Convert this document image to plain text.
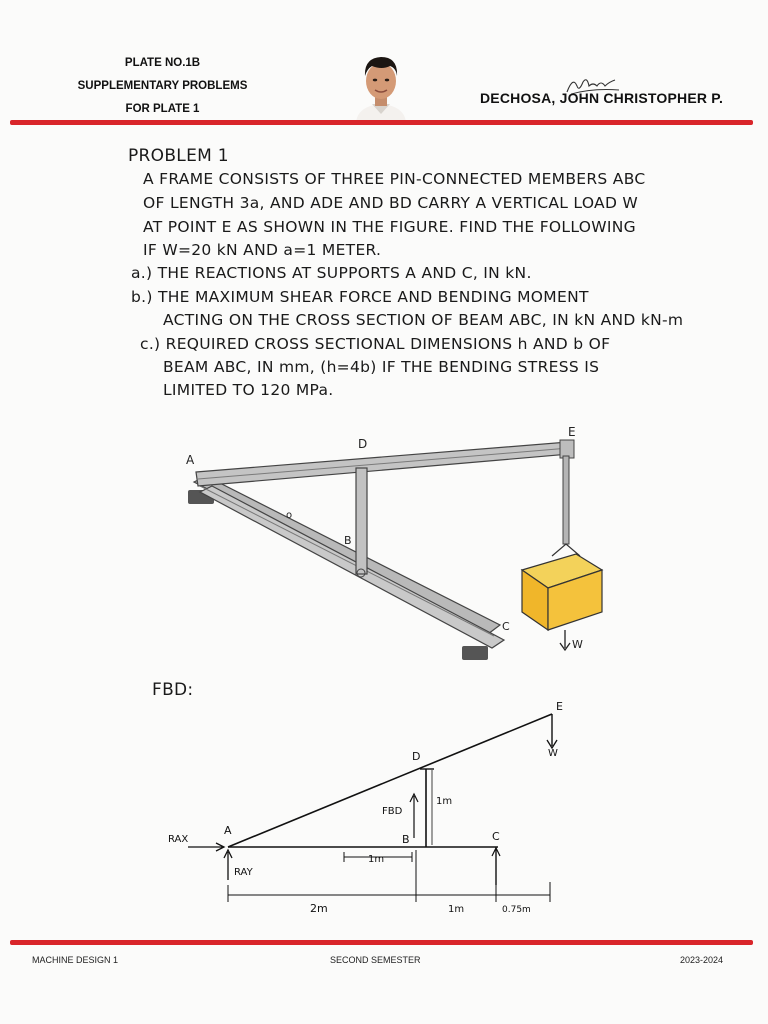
PLATE NO.1B
SUPPLEMENTARY PROBLEMS
FOR PLATE 1
DECHOSA, JOHN CHRISTOPHER P.
PROBLEM 1
A FRAME CONSISTS OF THREE PIN-CONNECTED MEMBERS ABC
OF LENGTH 3a, AND ADE AND BD CARRY A VERTICAL LOAD W
AT POINT E AS SHOWN IN THE FIGURE. FIND THE FOLLOWING
IF W=20 kN AND a=1 METER.
a.) THE REACTIONS AT SUPPORTS A AND C, IN kN.
b.) THE MAXIMUM SHEAR FORCE AND BENDING MOMENT
ACTING ON THE CROSS SECTION OF BEAM ABC, IN kN AND kN-m
c.) REQUIRED CROSS SECTIONAL DIMENSIONS h AND b OF
BEAM ABC, IN mm, (h=4b) IF THE BENDING STRESS IS
LIMITED TO 120 MPa.
A
D
E
B
o
C
W
FBD:
RAX
A
RAY
D
E
W
FBD
1m
B	C
1m
2m	1m	0.75m
MACHINE DESIGN 1	SECOND SEMESTER	2023-2024
